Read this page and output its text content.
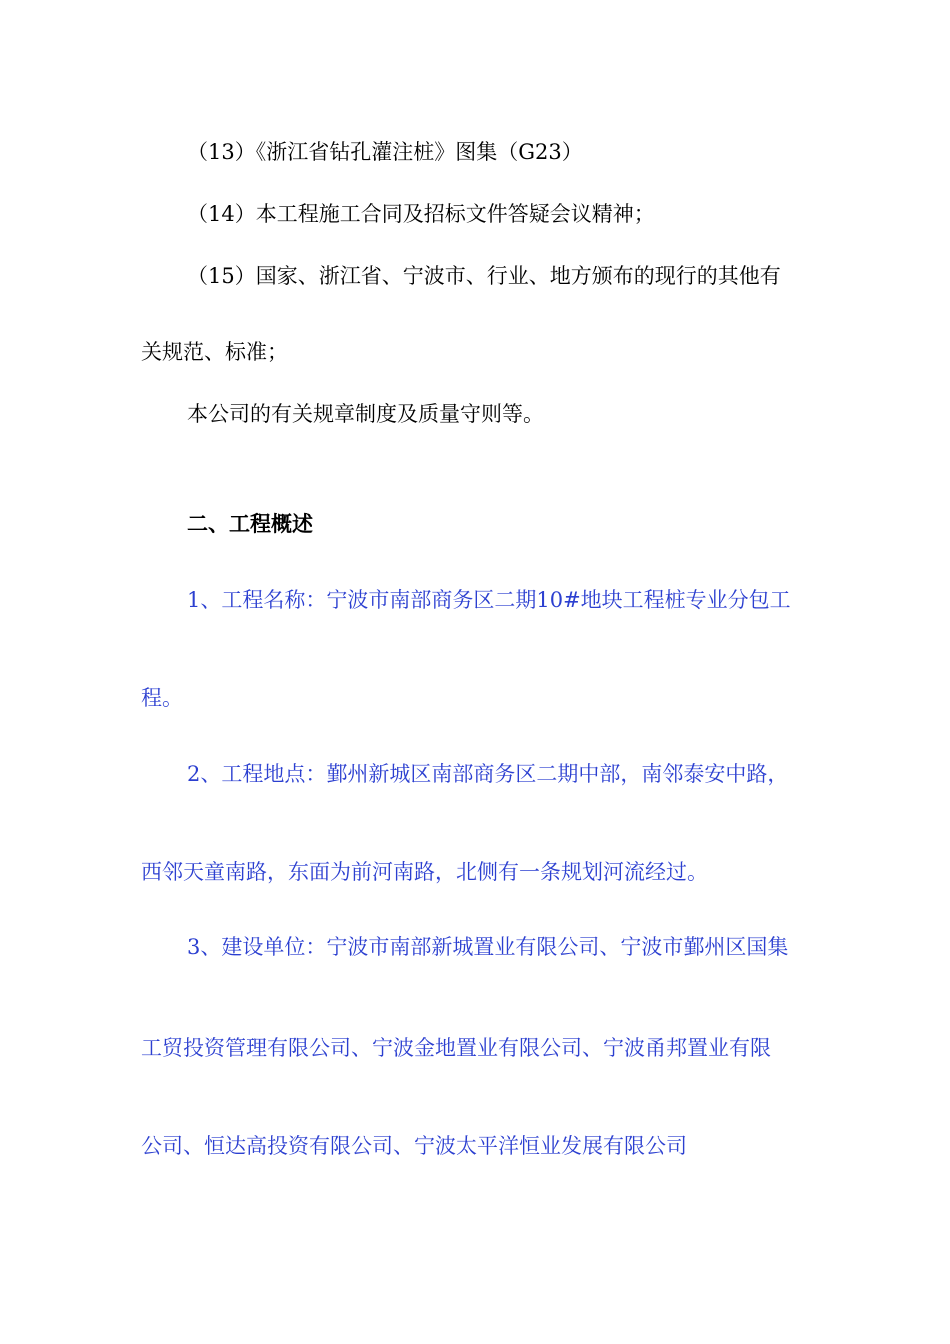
（13）《浙江省钻孔灌注桩》图集（G23）
（14）本工程施工合同及招标文件答疑会议精神；
（15）国家、浙江省、宁波市、行业、地方颁布的现行的其他有
关规范、标准；
本公司的有关规章制度及质量守则等。
二、工程概述
1、工程名称：宁波市南部商务区二期10#地块工程桩专业分包工
程。
2、工程地点：鄞州新城区南部商务区二期中部，南邻泰安中路，
西邻天童南路，东面为前河南路，北侧有一条规划河流经过。
3、建设单位：宁波市南部新城置业有限公司、宁波市鄞州区国集
工贸投资管理有限公司、宁波金地置业有限公司、宁波甬邦置业有限
公司、恒达高投资有限公司、宁波太平洋恒业发展有限公司
